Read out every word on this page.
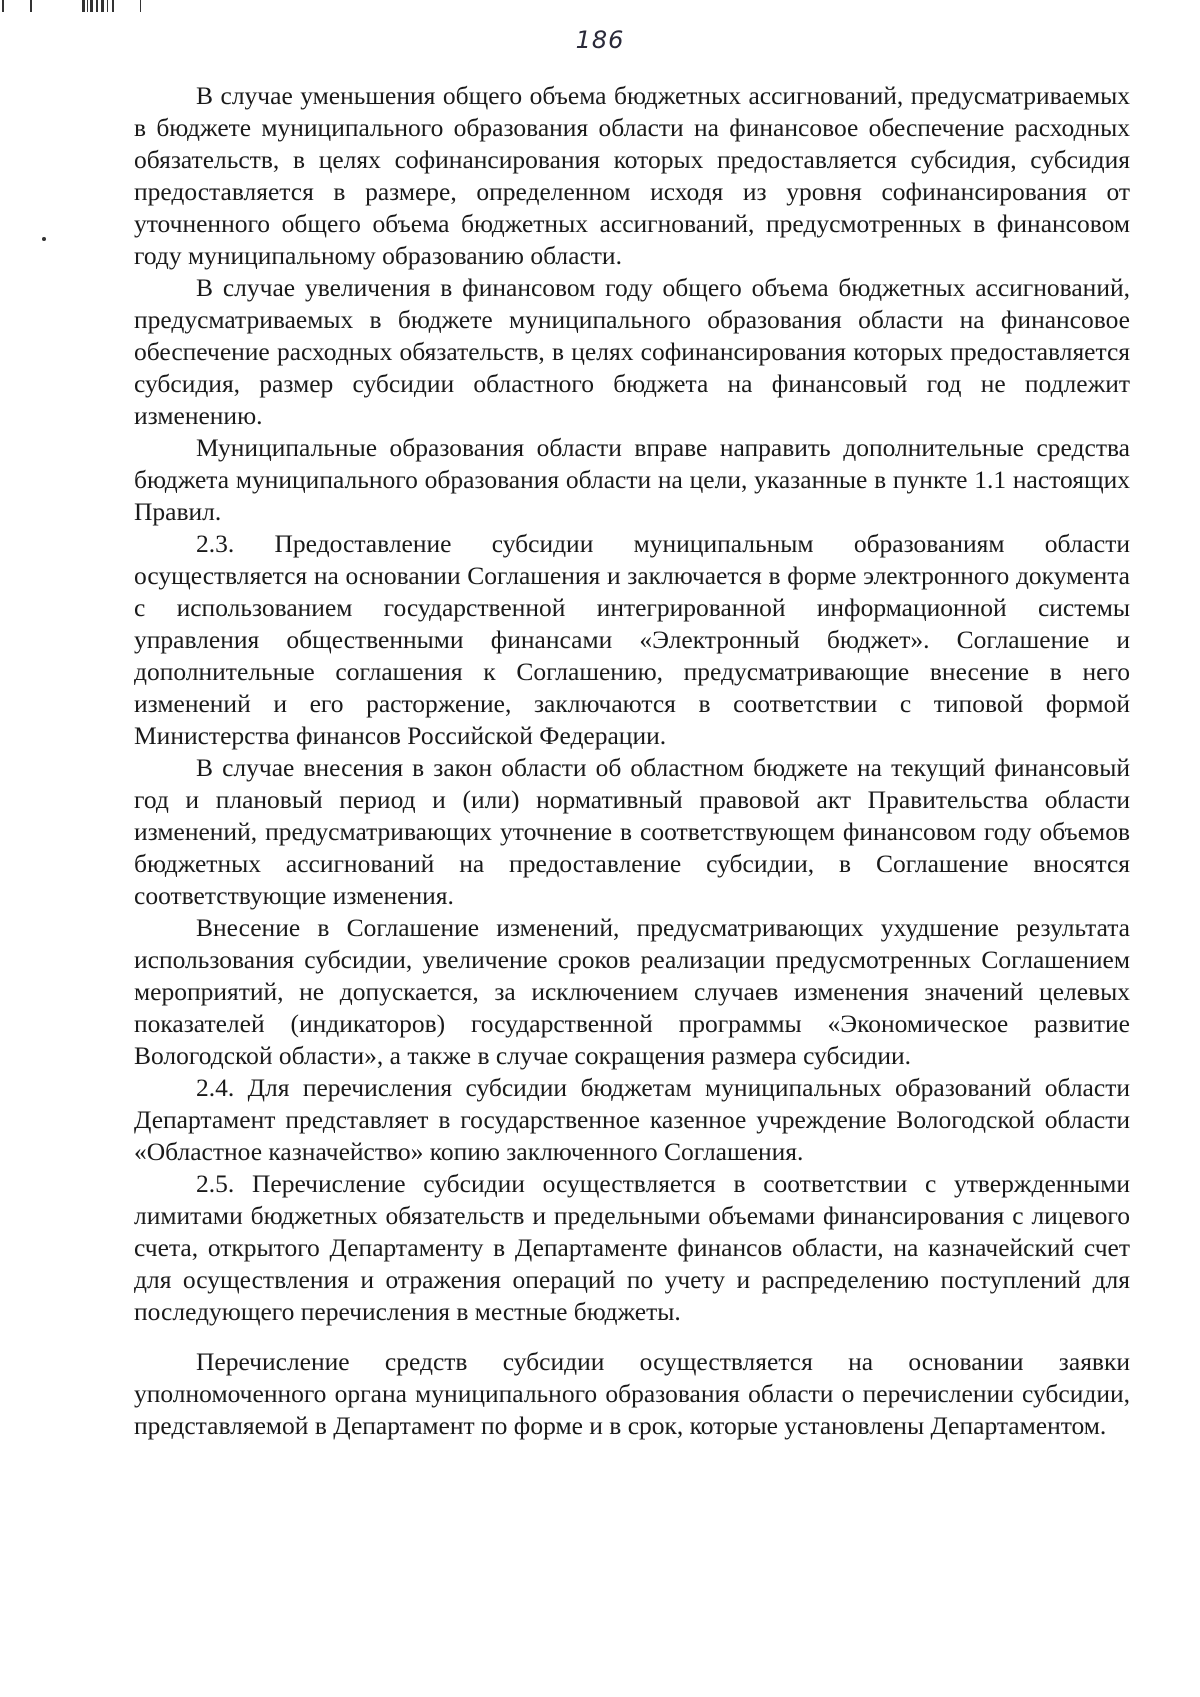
186

В случае уменьшения общего объема бюджетных ассигнований, предусматриваемых в бюджете муниципального образования области на финансовое обеспечение расходных обязательств, в целях софинансирования которых предоставляется субсидия, субсидия предоставляется в размере, определенном исходя из уровня софинансирования от уточненного общего объема бюджетных ассигнований, предусмотренных в финансовом году муниципальному образованию области.

В случае увеличения в финансовом году общего объема бюджетных ассигнований, предусматриваемых в бюджете муниципального образования области на финансовое обеспечение расходных обязательств, в целях софинансирования которых предоставляется субсидия, размер субсидии областного бюджета на финансовый год не подлежит изменению.

Муниципальные образования области вправе направить дополнительные средства бюджета муниципального образования области на цели, указанные в пункте 1.1 настоящих Правил.

2.3. Предоставление субсидии муниципальным образованиям области осуществляется на основании Соглашения и заключается в форме электронного документа с использованием государственной интегрированной информационной системы управления общественными финансами «Электронный бюджет». Соглашение и дополнительные соглашения к Соглашению, предусматривающие внесение в него изменений и его расторжение, заключаются в соответствии с типовой формой Министерства финансов Российской Федерации.

В случае внесения в закон области об областном бюджете на текущий финансовый год и плановый период и (или) нормативный правовой акт Правительства области изменений, предусматривающих уточнение в соответствующем финансовом году объемов бюджетных ассигнований на предоставление субсидии, в Соглашение вносятся соответствующие изменения.

Внесение в Соглашение изменений, предусматривающих ухудшение результата использования субсидии, увеличение сроков реализации предусмотренных Соглашением мероприятий, не допускается, за исключением случаев изменения значений целевых показателей (индикаторов) государственной программы «Экономическое развитие Вологодской области», а также в случае сокращения размера субсидии.

2.4. Для перечисления субсидии бюджетам муниципальных образований области Департамент представляет в государственное казенное учреждение Вологодской области «Областное казначейство» копию заключенного Соглашения.

2.5. Перечисление субсидии осуществляется в соответствии с утвержденными лимитами бюджетных обязательств и предельными объемами финансирования с лицевого счета, открытого Департаменту в Департаменте финансов области, на казначейский счет для осуществления и отражения операций по учету и распределению поступлений для последующего перечисления в местные бюджеты.

Перечисление средств субсидии осуществляется на основании заявки уполномоченного органа муниципального образования области о перечислении субсидии, представляемой в Департамент по форме и в срок, которые установлены Департаментом.
